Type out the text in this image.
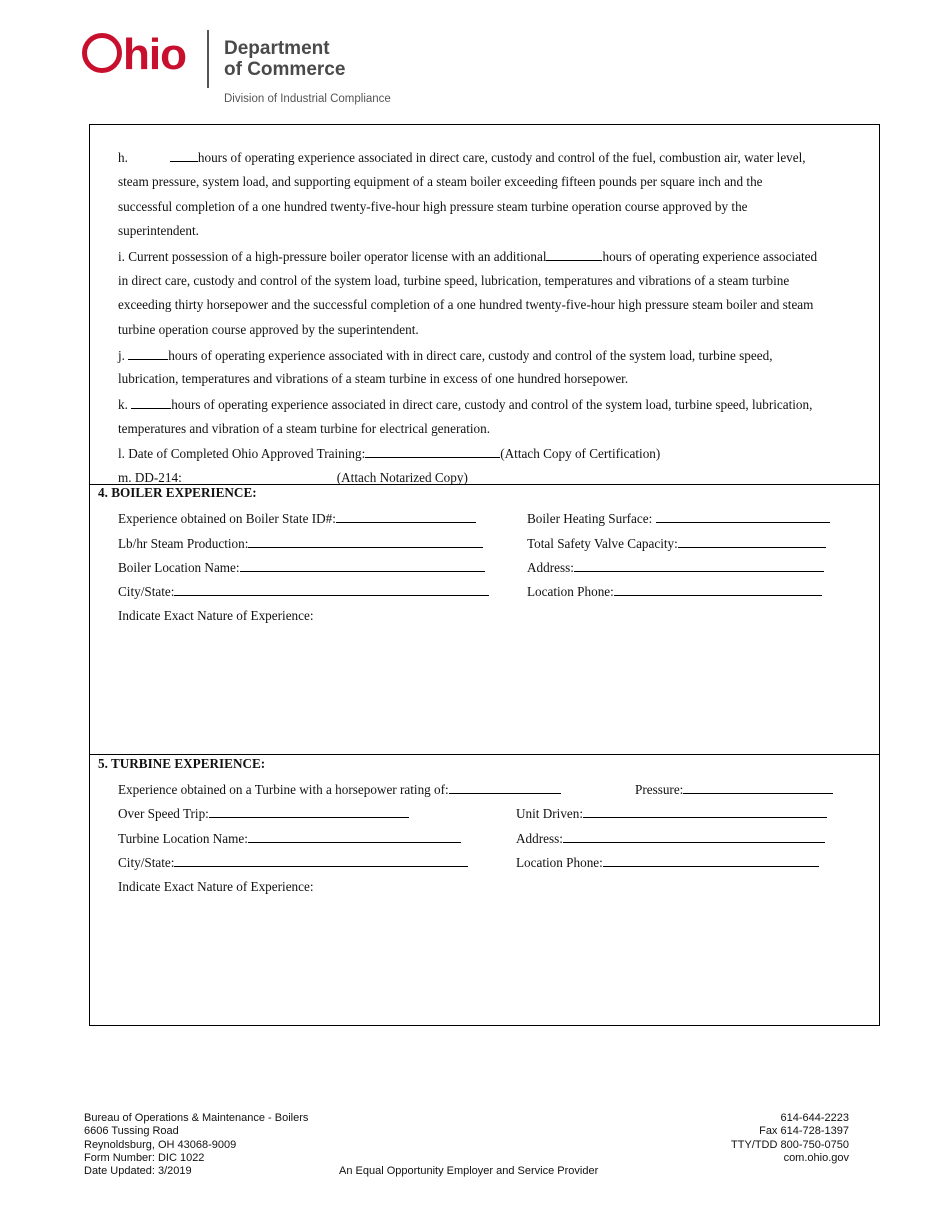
hio Department
of Commerce
Division of Industrial Compliance
h.	hours of operating experience associated in direct care, custody and control of the fuel, combustion air, water level,
steam pressure, system load, and supporting equipment of a steam boiler exceeding fifteen pounds per square inch and the
successful completion of a one hundred twenty-five-hour high pressure steam turbine operation course approved by the
superintendent.
i. Current possession of a high-pressure boiler operator license with an additional	hours of operating experience associated
in direct care, custody and control of the system load, turbine speed, lubrication, temperatures and vibrations of a steam turbine
exceeding thirty horsepower and the successful completion of a one hundred twenty-five-hour high pressure steam boiler and steam
turbine operation course approved by the superintendent.
j.	hours of operating experience associated with in direct care, custody and control of the system load, turbine speed,
lubrication, temperatures and vibrations of a steam turbine in excess of one hundred horsepower.
k.	hours of operating experience associated in direct care, custody and control of the system load, turbine speed, lubrication,
temperatures and vibration of a steam turbine for electrical generation.
l. Date of Completed Ohio Approved Training:	(Attach Copy of Certification)
m. DD-214:	(Attach Notarized Copy)
4. BOILER EXPERIENCE:
Experience obtained on Boiler State ID#:	Boiler Heating Surface:
Lb/hr Steam Production:	Total Safety Valve Capacity:
Boiler Location Name:	Address:
City/State:	Location Phone:
Indicate Exact Nature of Experience:
5. TURBINE EXPERIENCE:
Experience obtained on a Turbine with a horsepower rating of:	Pressure:
Over Speed Trip:	Unit Driven:
Turbine Location Name:	Address:
City/State:	Location Phone:
Indicate Exact Nature of Experience:
Bureau of Operations & Maintenance - Boilers
6606 Tussing Road
Reynoldsburg, OH 43068-9009
Form Number: DIC 1022
Date Updated: 3/2019	An Equal Opportunity Employer and Service Provider
614-644-2223
Fax 614-728-1397
TTY/TDD 800-750-0750
com.ohio.gov
